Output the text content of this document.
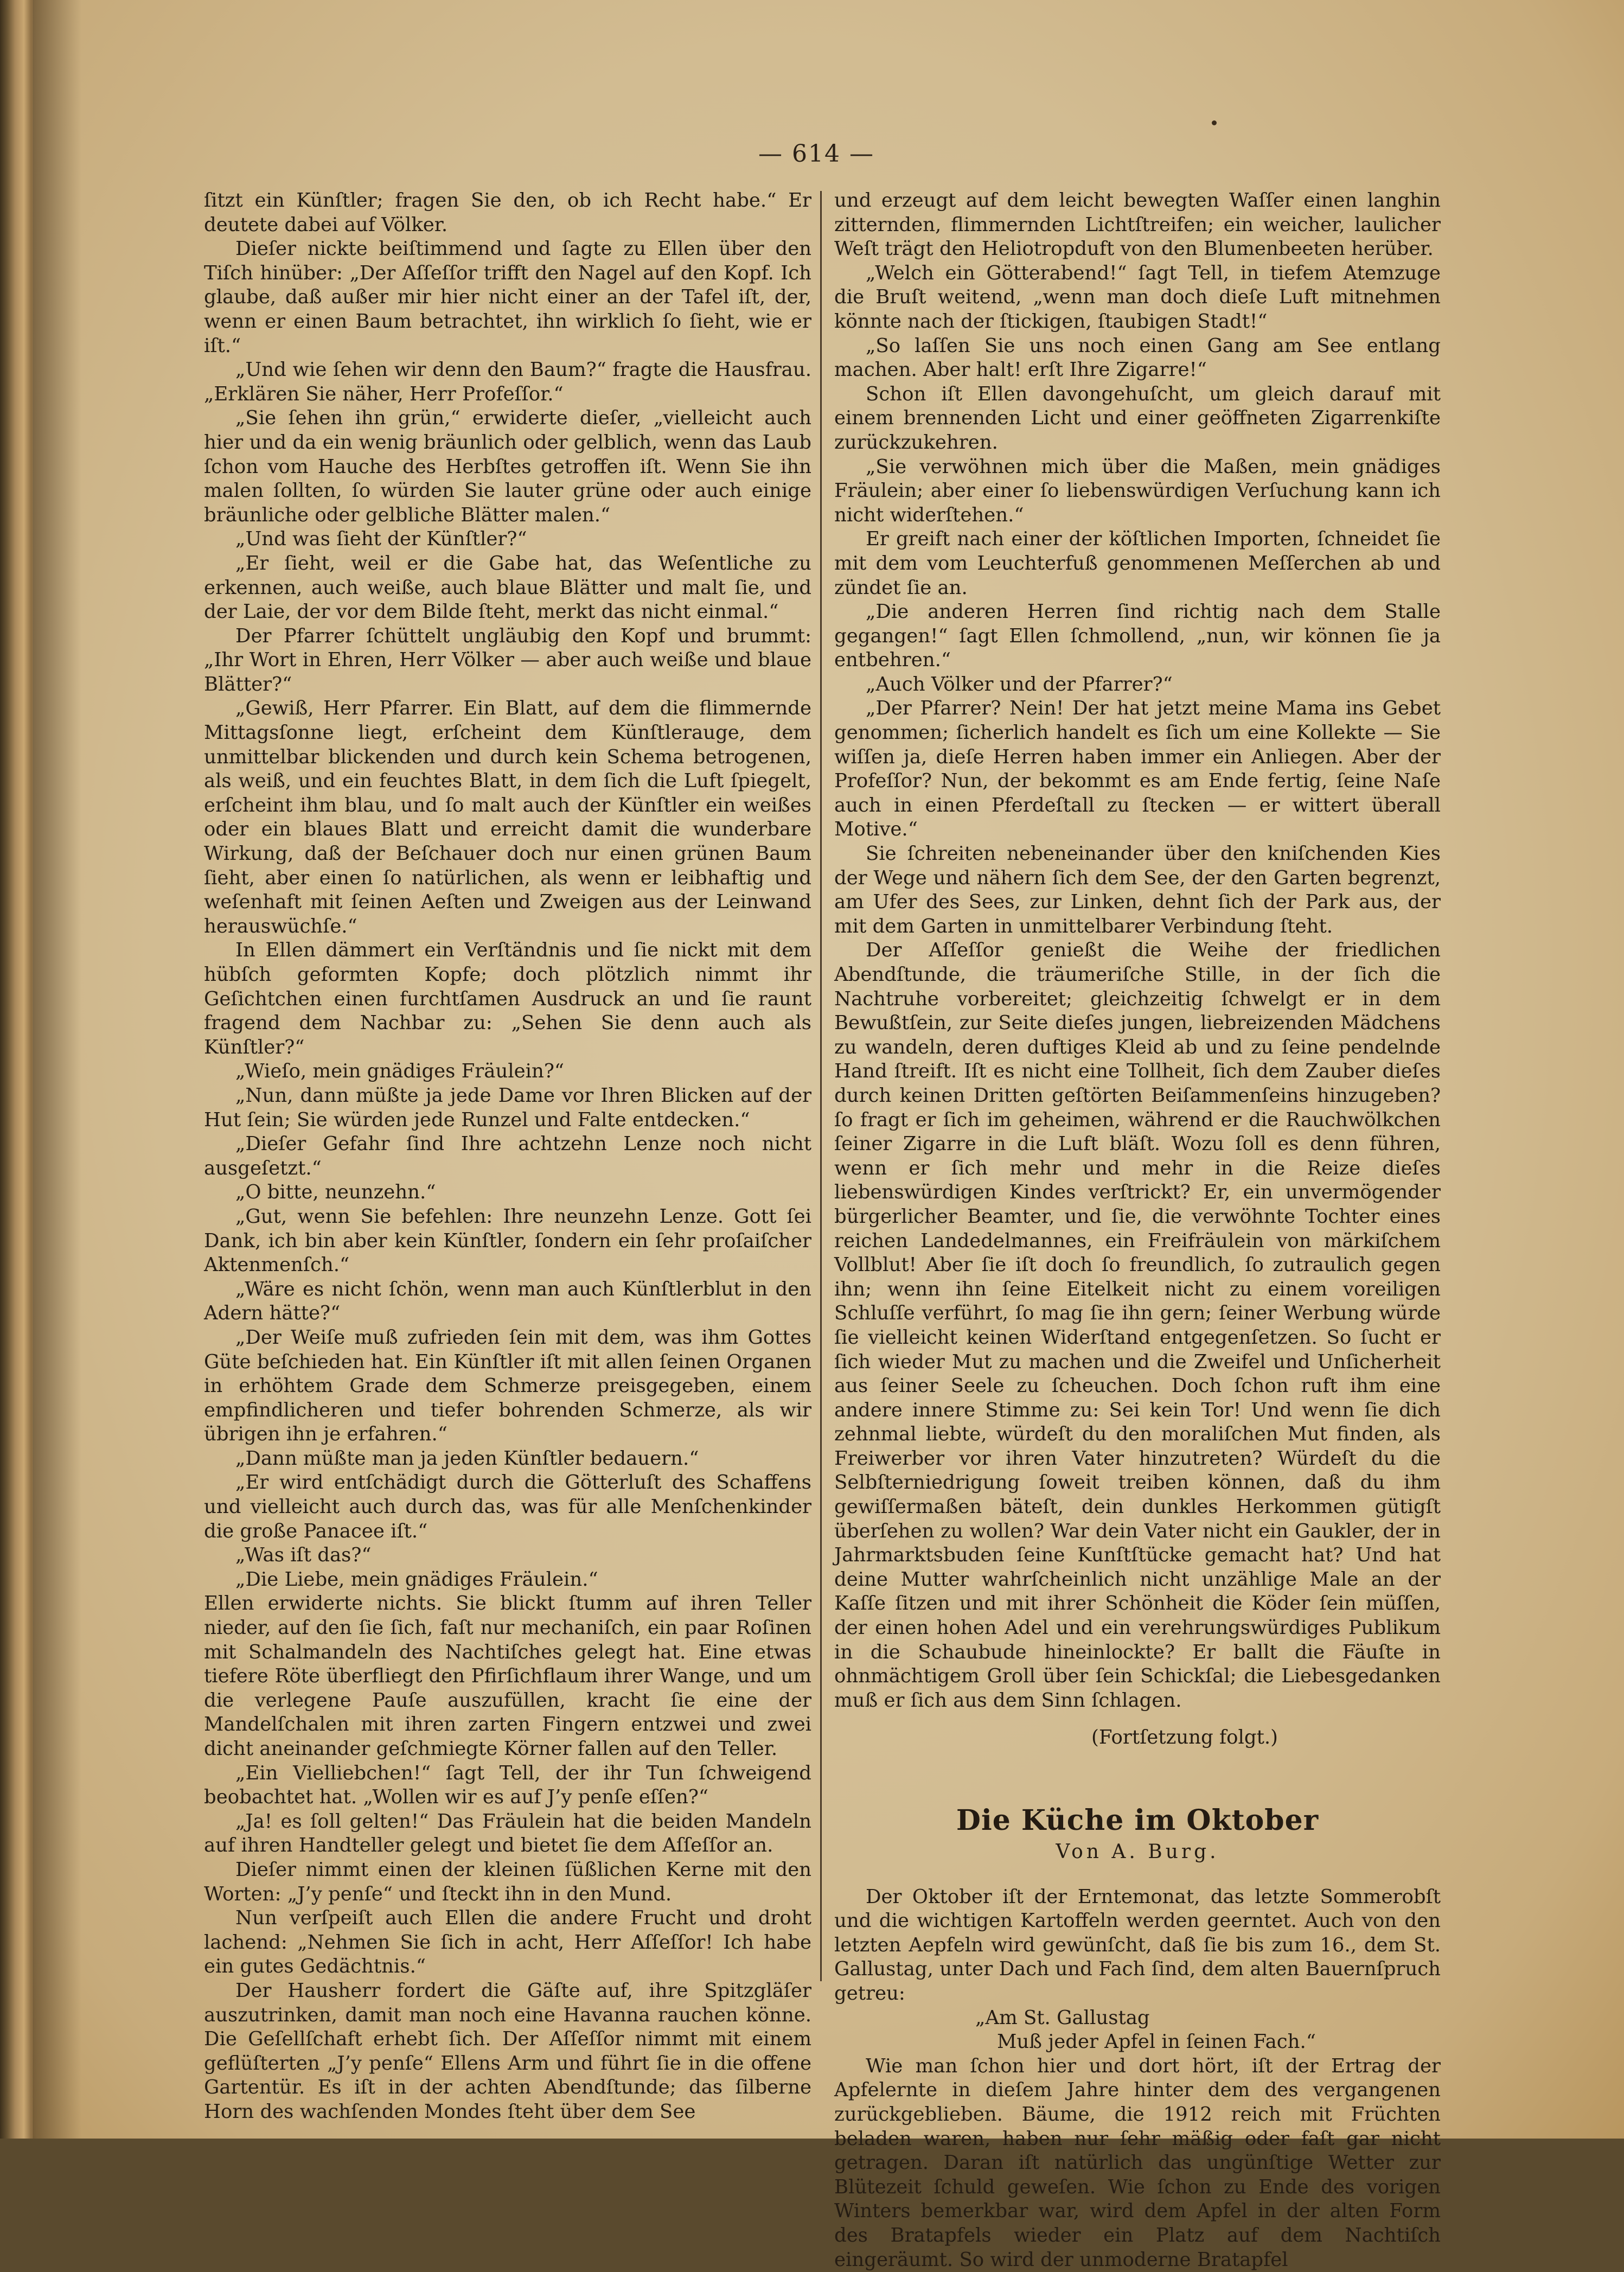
— 614 —

ſitzt ein Künſtler; fragen Sie den, ob ich Recht habe.“ Er deutete dabei auf Völker.

Dieſer nickte beiſtimmend und ſagte zu Ellen über den Tiſch hinüber: „Der Aſſeſſor trifft den Nagel auf den Kopf. Ich glaube, daß außer mir hier nicht einer an der Tafel iſt, der, wenn er einen Baum betrachtet, ihn wirklich ſo ſieht, wie er iſt.“

„Und wie ſehen wir denn den Baum?“ fragte die Hausfrau. „Erklären Sie näher, Herr Profeſſor.“

„Sie ſehen ihn grün,“ erwiderte dieſer, „vielleicht auch hier und da ein wenig bräunlich oder gelblich, wenn das Laub ſchon vom Hauche des Herbſtes getroffen iſt. Wenn Sie ihn malen ſollten, ſo würden Sie lauter grüne oder auch einige bräunliche oder gelbliche Blätter malen.“

„Und was ſieht der Künſtler?“

„Er ſieht, weil er die Gabe hat, das Weſentliche zu erkennen, auch weiße, auch blaue Blätter und malt ſie, und der Laie, der vor dem Bilde ſteht, merkt das nicht einmal.“

Der Pfarrer ſchüttelt ungläubig den Kopf und brummt: „Ihr Wort in Ehren, Herr Völker — aber auch weiße und blaue Blätter?“

„Gewiß, Herr Pfarrer. Ein Blatt, auf dem die flimmernde Mittagsſonne liegt, erſcheint dem Künſtlerauge, dem unmittelbar blickenden und durch kein Schema betrogenen, als weiß, und ein feuchtes Blatt, in dem ſich die Luft ſpiegelt, erſcheint ihm blau, und ſo malt auch der Künſtler ein weißes oder ein blaues Blatt und erreicht damit die wunderbare Wirkung, daß der Beſchauer doch nur einen grünen Baum ſieht, aber einen ſo natürlichen, als wenn er leibhaftig und weſenhaft mit ſeinen Aeſten und Zweigen aus der Leinwand herauswüchſe.“

In Ellen dämmert ein Verſtändnis und ſie nickt mit dem hübſch geformten Kopfe; doch plötzlich nimmt ihr Geſichtchen einen furchtſamen Ausdruck an und ſie raunt fragend dem Nachbar zu: „Sehen Sie denn auch als Künſtler?“

„Wieſo, mein gnädiges Fräulein?“

„Nun, dann müßte ja jede Dame vor Ihren Blicken auf der Hut ſein; Sie würden jede Runzel und Falte entdecken.“

„Dieſer Gefahr ſind Ihre achtzehn Lenze noch nicht ausgeſetzt.“

„O bitte, neunzehn.“

„Gut, wenn Sie befehlen: Ihre neunzehn Lenze. Gott ſei Dank, ich bin aber kein Künſtler, ſondern ein ſehr proſaiſcher Aktenmenſch.“

„Wäre es nicht ſchön, wenn man auch Künſtlerblut in den Adern hätte?“

„Der Weiſe muß zufrieden ſein mit dem, was ihm Gottes Güte beſchieden hat. Ein Künſtler iſt mit allen ſeinen Organen in erhöhtem Grade dem Schmerze preisgegeben, einem empfindlicheren und tiefer bohrenden Schmerze, als wir übrigen ihn je erfahren.“

„Dann müßte man ja jeden Künſtler bedauern.“

„Er wird entſchädigt durch die Götterluſt des Schaffens und vielleicht auch durch das, was für alle Menſchenkinder die große Panacee iſt.“

„Was iſt das?“

„Die Liebe, mein gnädiges Fräulein.“

Ellen erwiderte nichts. Sie blickt ſtumm auf ihren Teller nieder, auf den ſie ſich, faſt nur mechaniſch, ein paar Roſinen mit Schalmandeln des Nachtiſches gelegt hat. Eine etwas tiefere Röte überfliegt den Pfirſichflaum ihrer Wange, und um die verlegene Pauſe auszufüllen, kracht ſie eine der Mandelſchalen mit ihren zarten Fingern entzwei und zwei dicht aneinander geſchmiegte Körner fallen auf den Teller.

„Ein Vielliebchen!“ ſagt Tell, der ihr Tun ſchweigend beobachtet hat. „Wollen wir es auf J’y penſe eſſen?“

„Ja! es ſoll gelten!“ Das Fräulein hat die beiden Mandeln auf ihren Handteller gelegt und bietet ſie dem Aſſeſſor an.

Dieſer nimmt einen der kleinen ſüßlichen Kerne mit den Worten: „J’y penſe“ und ſteckt ihn in den Mund.

Nun verſpeiſt auch Ellen die andere Frucht und droht lachend: „Nehmen Sie ſich in acht, Herr Aſſeſſor! Ich habe ein gutes Gedächtnis.“

Der Hausherr fordert die Gäſte auf, ihre Spitzgläſer auszutrinken, damit man noch eine Havanna rauchen könne. Die Geſellſchaft erhebt ſich. Der Aſſeſſor nimmt mit einem geflüſterten „J’y penſe“ Ellens Arm und führt ſie in die offene Gartentür. Es iſt in der achten Abendſtunde; das ſilberne Horn des wachſenden Mondes ſteht über dem See

und erzeugt auf dem leicht bewegten Waſſer einen langhin zitternden, flimmernden Lichtſtreifen; ein weicher, laulicher Weſt trägt den Heliotropduft von den Blumenbeeten herüber.

„Welch ein Götterabend!“ ſagt Tell, in tiefem Atemzuge die Bruſt weitend, „wenn man doch dieſe Luft mitnehmen könnte nach der ſtickigen, ſtaubigen Stadt!“

„So laſſen Sie uns noch einen Gang am See entlang machen. Aber halt! erſt Ihre Zigarre!“

Schon iſt Ellen davongehuſcht, um gleich darauf mit einem brennenden Licht und einer geöffneten Zigarrenkiſte zurückzukehren.

„Sie verwöhnen mich über die Maßen, mein gnädiges Fräulein; aber einer ſo liebenswürdigen Verſuchung kann ich nicht widerſtehen.“

Er greift nach einer der köſtlichen Importen, ſchneidet ſie mit dem vom Leuchterfuß genommenen Meſſerchen ab und zündet ſie an.

„Die anderen Herren ſind richtig nach dem Stalle gegangen!“ ſagt Ellen ſchmollend, „nun, wir können ſie ja entbehren.“

„Auch Völker und der Pfarrer?“

„Der Pfarrer? Nein! Der hat jetzt meine Mama ins Gebet genommen; ſicherlich handelt es ſich um eine Kollekte — Sie wiſſen ja, dieſe Herren haben immer ein Anliegen. Aber der Profeſſor? Nun, der bekommt es am Ende fertig, ſeine Naſe auch in einen Pferdeſtall zu ſtecken — er wittert überall Motive.“

Sie ſchreiten nebeneinander über den kniſchenden Kies der Wege und nähern ſich dem See, der den Garten begrenzt, am Ufer des Sees, zur Linken, dehnt ſich der Park aus, der mit dem Garten in unmittelbarer Verbindung ſteht.

Der Aſſeſſor genießt die Weihe der friedlichen Abendſtunde, die träumeriſche Stille, in der ſich die Nachtruhe vorbereitet; gleichzeitig ſchwelgt er in dem Bewußtſein, zur Seite dieſes jungen, liebreizenden Mädchens zu wandeln, deren duftiges Kleid ab und zu ſeine pendelnde Hand ſtreift. Iſt es nicht eine Tollheit, ſich dem Zauber dieſes durch keinen Dritten geſtörten Beiſammenſeins hinzugeben? ſo fragt er ſich im geheimen, während er die Rauchwölkchen ſeiner Zigarre in die Luft bläſt. Wozu ſoll es denn führen, wenn er ſich mehr und mehr in die Reize dieſes liebenswürdigen Kindes verſtrickt? Er, ein unvermögender bürgerlicher Beamter, und ſie, die verwöhnte Tochter eines reichen Landedelmannes, ein Freifräulein von märkiſchem Vollblut! Aber ſie iſt doch ſo freundlich, ſo zutraulich gegen ihn; wenn ihn ſeine Eitelkeit nicht zu einem voreiligen Schluſſe verführt, ſo mag ſie ihn gern; ſeiner Werbung würde ſie vielleicht keinen Widerſtand entgegenſetzen. So ſucht er ſich wieder Mut zu machen und die Zweifel und Unſicherheit aus ſeiner Seele zu ſcheuchen. Doch ſchon ruft ihm eine andere innere Stimme zu: Sei kein Tor! Und wenn ſie dich zehnmal liebte, würdeſt du den moraliſchen Mut finden, als Freiwerber vor ihren Vater hinzutreten? Würdeſt du die Selbſterniedrigung ſoweit treiben können, daß du ihm gewiſſermaßen bäteſt, dein dunkles Herkommen gütigſt überſehen zu wollen? War dein Vater nicht ein Gaukler, der in Jahrmarktsbuden ſeine Kunſtſtücke gemacht hat? Und hat deine Mutter wahrſcheinlich nicht unzählige Male an der Kaſſe ſitzen und mit ihrer Schönheit die Köder ſein müſſen, der einen hohen Adel und ein verehrungswürdiges Publikum in die Schaubude hineinlockte? Er ballt die Fäuſte in ohnmächtigem Groll über ſein Schickſal; die Liebesgedanken muß er ſich aus dem Sinn ſchlagen.

(Fortſetzung folgt.)

Die Küche im Oktober
Von A. Burg.

Der Oktober iſt der Erntemonat, das letzte Sommerobſt und die wichtigen Kartoffeln werden geerntet. Auch von den letzten Aepfeln wird gewünſcht, daß ſie bis zum 16., dem St. Gallustag, unter Dach und Fach ſind, dem alten Bauernſpruch getreu:

„Am St. Gallustag

Muß jeder Apfel in ſeinen Fach.“

Wie man ſchon hier und dort hört, iſt der Ertrag der Apfelernte in dieſem Jahre hinter dem des vergangenen zurückgeblieben. Bäume, die 1912 reich mit Früchten beladen waren, haben nur ſehr mäßig oder faſt gar nicht getragen. Daran iſt natürlich das ungünſtige Wetter zur Blütezeit ſchuld geweſen. Wie ſchon zu Ende des vorigen Winters bemerkbar war, wird dem Apfel in der alten Form des Bratapfels wieder ein Platz auf dem Nachtiſch eingeräumt. So wird der unmoderne Bratapfel
